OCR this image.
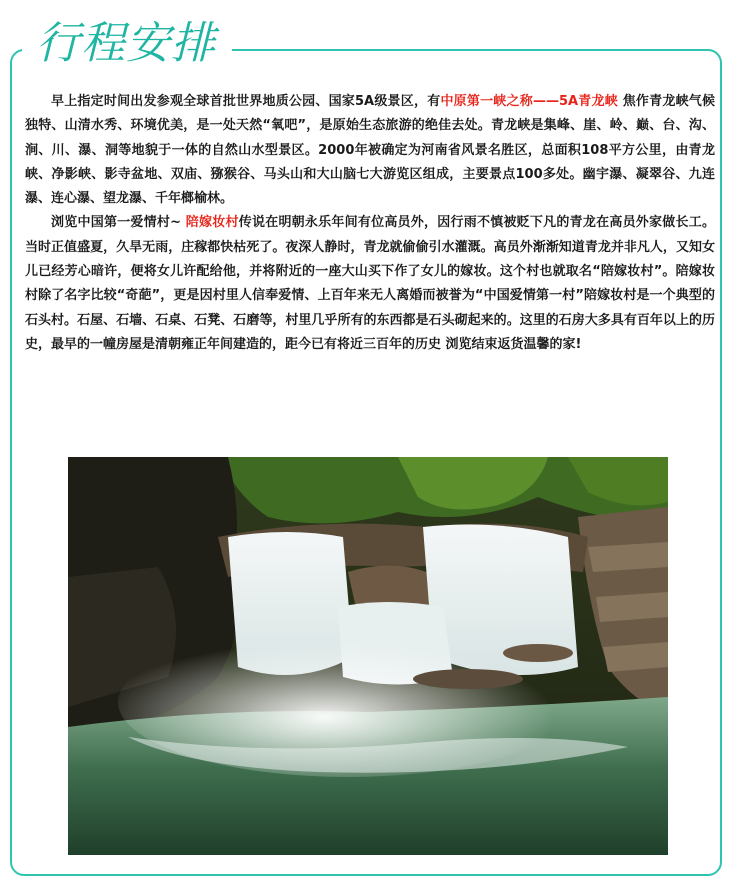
行程安排

早上指定时间出发参观全球首批世界地质公园、国家5A级景区，有中原第一峡之称——5A青龙峡 焦作青龙峡气候独特、山清水秀、环境优美，是一处天然“氧吧”，是原始生态旅游的绝佳去处。青龙峡是集峰、崖、岭、巅、台、沟、涧、川、瀑、洞等地貌于一体的自然山水型景区。2000年被确定为河南省风景名胜区，总面积108平方公里，由青龙峡、净影峡、影寺盆地、双庙、猕猴谷、马头山和大山脑七大游览区组成，主要景点100多处。幽宇瀑、凝翠谷、九连瀑、连心瀑、望龙瀑、千年榔榆林。

浏览中国第一爱情村~ 陪嫁妆村传说在明朝永乐年间有位高员外，因行雨不慎被贬下凡的青龙在高员外家做长工。当时正值盛夏，久旱无雨，庄稼都快枯死了。夜深人静时，青龙就偷偷引水灌溉。高员外渐渐知道青龙并非凡人，又知女儿已经芳心暗许，便将女儿许配给他，并将附近的一座大山买下作了女儿的嫁妆。这个村也就取名“陪嫁妆村”。陪嫁妆村除了名字比较“奇葩”，更是因村里人信奉爱情、上百年来无人离婚而被誉为“中国爱情第一村”陪嫁妆村是一个典型的石头村。石屋、石墙、石桌、石凳、石磨等，村里几乎所有的东西都是石头砌起来的。这里的石房大多具有百年以上的历史，最早的一幢房屋是清朝雍正年间建造的，距今已有将近三百年的历史 浏览结束返货温馨的家!
